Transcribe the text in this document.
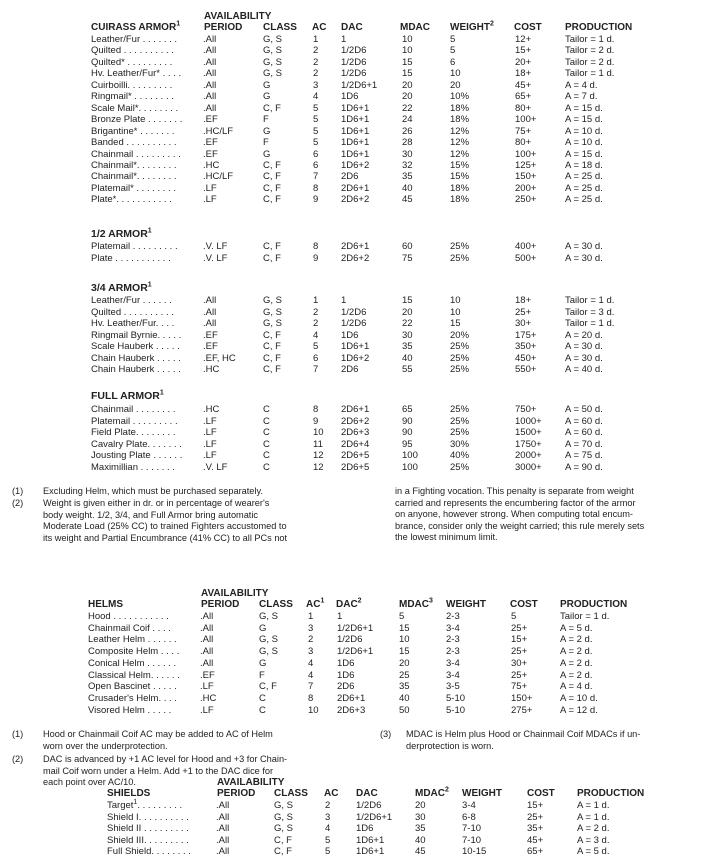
AVAILABILITY
CUIRASS ARMOR$^1$ PERIOD CLASS AC DAC	MDAC WEIGHT$^2$ COST PRODUCTION
Leather/Fur . . . . . . .	.All	G, S	1 1	10	5	12+	Tailor = 1 d.
Quilted . . . . . . . . . .	.All	G, S	2 1/2D6	10	5	15+	Tailor = 2 d.
Quilted* . . . . . . . . .	.All	G, S	2 1/2D6	15	6	20+	Tailor = 2 d.
Hv. Leather/Fur* . . . . .All	G, S	2 1/2D6	15	10	18+	Tailor = 1 d.
Cuirboilli. . . . . . . . .	.All	G	3 1/2D6+1	20	20	45+	A = 4 d.
Ringmail* . . . . . . . .	.All	G	4 1D6	20	10%	65+	A = 7 d.
Scale Mail*. . . . . . . .	.All	C, F	5 1D6+1	22	18%	80+	A = 15 d.
Bronze Plate . . . . . . . .EF	F	5 1D6+1	24	18%	100+	A = 15 d.
Brigantine* . . . . . . .	.HC/LF	G	5 1D6+1	26	12%	75+	A = 10 d.
Banded . . . . . . . . . .	.EF	F	5 1D6+1	28	12%	80+	A = 10 d.
Chainmail . . . . . . . . . .EF	G	6 1D6+1	30	12%	100+	A = 15 d.
Chainmail*. . . . . . . .	.HC	C, F	6 1D6+2	32	15%	125+	A = 18 d.
Chainmail*. . . . . . . .	.HC/LF	C, F	7 2D6	35	15%	150+	A = 25 d.
Platemail* . . . . . . . .	.LF	C, F	8 2D6+1	40	18%	200+	A = 25 d.
Plate*. . . . . . . . . . .	.LF	C, F	9 2D6+2	45	18%	250+	A = 25 d.
1/2 ARMOR$^1$
Platemail . . . . . . . . .	.V. LF	C, F	8 2D6+1	60	25%	400+	A = 30 d.
Plate . . . . . . . . . . .	.V. LF	C, F	9 2D6+2	75	25%	500+	A = 30 d.
3/4 ARMOR$^1$
Leather/Fur . . . . . .	.All	G, S	1 1	15	10	18+	Tailor = 1 d.
Quilted . . . . . . . . . .	.All	G, S	2 1/2D6	20	10	25+	Tailor = 3 d.
Hv. Leather/Fur. . . .	.All	G, S	2 1/2D6	22	15	30+	Tailor = 1 d.
Ringmail Byrnie. . . . . .EF	C, F	4 1D6	30	20%	175+	A = 20 d.
Scale Hauberk . . . . . .EF	C, F	5 1D6+1	35	25%	350+	A = 30 d.
Chain Hauberk . . . . . .EF, HC	C, F	6 1D6+2	40	25%	450+	A = 30 d.
Chain Hauberk . . . . . .HC	C, F	7 2D6	55	25%	550+	A = 40 d.
FULL ARMOR$^1$
Chainmail . . . . . . . .	.HC	C	8 2D6+1	65	25%	750+	A = 50 d.
Platemail . . . . . . . . .	.LF	C	9 2D6+2	90	25%	1000+ A = 60 d.
Field Plate. . . . . . . .	.LF	C	10 2D6+3	90	25%	1500+ A = 60 d.
Cavalry Plate. . . . . . . .LF	C	11 2D6+4	95	30%	1750+ A = 70 d.
Jousting Plate . . . . . . .LF	C	12 2D6+5	100	40%	2000+ A = 75 d.
Maximillian . . . . . . .	.V. LF	C	12 2D6+5	100	25%	3000+ A = 90 d.
(1) Excluding Helm, which must be purchased separately.
(2) Weight is given either in dr. or in percentage of wearer's
body weight. 1/2, 3/4, and Full Armor bring automatic
Moderate Load (25% CC) to trained Fighters accustomed to
its weight and Partial Encumbrance (41% CC) to all PCs not
in a Fighting vocation. This penalty is separate from weight
carried and represents the encumbering factor of the armor
on anyone, however strong. When computing total encum-
brance, consider only the weight carried; this rule merely sets
the lowest minimum limit.
AVAILABILITY
HELMS	PERIOD CLASS $AC^1$ DAC$^2$	MDAC$^3$ WEIGHT COST PRODUCTION
Hood . . . . . . . . . . .	.All	G, S	1 1	5	2-3	5	Tailor = 1 d.
Chainmail Coif . . . .	.All	G	3 1/2D6+1	15	3-4	25+	A = 5 d.
Leather Helm . . . . . . .All	G, S	2 1/2D6	10	2-3	15+	A = 2 d.
Composite Helm . . . . .All	G, S	3 1/2D6+1	15	2-3	25+	A = 2 d.
Conical Helm . . . . . .	.All	G	4 1D6	20	3-4	30+	A = 2 d.
Classical Helm. . . . . . .EF	F	4 1D6	25	3-4	25+	A = 2 d.
Open Bascinet . . . . . .LF	C, F	7 2D6	35	3-5	75+	A = 4 d.
Crusader's Helm. . . . .HC	C	8 2D6+1	40	5-10	150+	A = 10 d.
Visored Helm . . . . .	.LF	C	10 2D6+3	50	5-10	275+	A = 12 d.
(1) Hood or Chainmail Coif AC may be added to AC of Helm
worn over the underprotection.
(2) DAC is advanced by +1 AC level for Hood and +3 for Chain-
mail Coif worn under a Helm. Add +1 to the DAC dice for
each point over AC/10.
(3) MDAC is Helm plus Hood or Chainmail Coif MDACs if un-
derprotection is worn.
AVAILABILITY
SHIELDS	PERIOD CLASS AC DAC	MDAC$^2$ WEIGHT	COST PRODUCTION
Target$^1$. . . . . . . . .	.All	G, S	2	1/2D6	20	3-4	15+	A = 1 d.
Shield I. . . . . . . . . .	.All	G, S	3	1/2D6+1 30	6-8	25+	A = 1 d.
Shield II . . . . . . . . .	.All	G, S	4	1D6	35	7-10	35+	A = 2 d.
Shield III. . . . . . . . .	.All	C, F	5	1D6+1	40	7-10	45+	A = 3 d.
Full Shield. . . . . . . .	.All	C, F	5	1D6+1	45	10-15	65+	A = 5 d.
